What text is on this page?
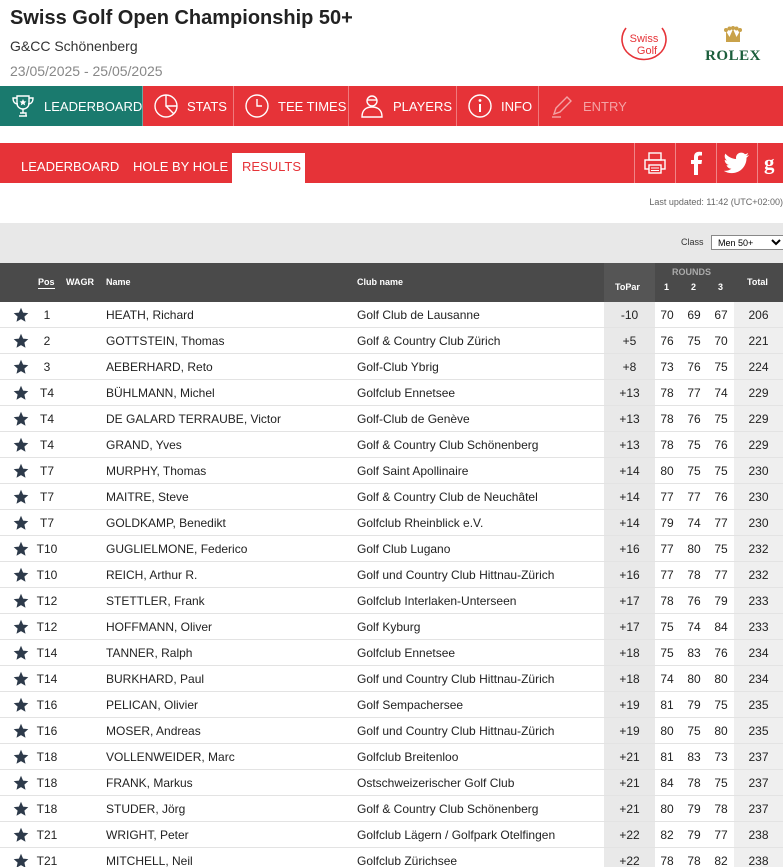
Swiss Golf Open Championship 50+
G&CC Schönenberg
23/05/2025 - 25/05/2025
Swiss
Golf	ROLEX
LEADERBOARD	STATS	TEE TIMES	PLAYERS	INFO	ENTRY
LEADERBOARD	HOLE BY HOLE	RESULTS	g
Last updated: 11:42 (UTC+02:00)
Class
Men 50+
Pos WAGR Name	Club name
ROUNDS
ToPar	1 2 3	Total
1	HEATH, Richard	Golf Club de Lausanne	-10	70	69	67	206
2	GOTTSTEIN, Thomas	Golf & Country Club Zürich	+5	76	75	70	221
3	AEBERHARD, Reto	Golf-Club Ybrig	+8	73	76	75	224
T4	BÜHLMANN, Michel	Golfclub Ennetsee	+13	78	77	74	229
T4	DE GALARD TERRAUBE, Victor	Golf-Club de Genève	+13	78	76	75	229
T4	GRAND, Yves	Golf & Country Club Schönenberg	+13	78	75	76	229
T7	MURPHY, Thomas	Golf Saint Apollinaire	+14	80	75	75	230
T7	MAITRE, Steve	Golf & Country Club de Neuchâtel	+14	77	77	76	230
T7	GOLDKAMP, Benedikt	Golfclub Rheinblick e.V.	+14	79	74	77	230
T10	GUGLIELMONE, Federico	Golf Club Lugano	+16	77	80	75	232
T10	REICH, Arthur R.	Golf und Country Club Hittnau-Zürich	+16	77	78	77	232
T12	STETTLER, Frank	Golfclub Interlaken-Unterseen	+17	78	76	79	233
T12	HOFFMANN, Oliver	Golf Kyburg	+17	75	74	84	233
T14	TANNER, Ralph	Golfclub Ennetsee	+18	75	83	76	234
T14	BURKHARD, Paul	Golf und Country Club Hittnau-Zürich	+18	74	80	80	234
T16	PELICAN, Olivier	Golf Sempachersee	+19	81	79	75	235
T16	MOSER, Andreas	Golf und Country Club Hittnau-Zürich	+19	80	75	80	235
T18	VOLLENWEIDER, Marc	Golfclub Breitenloo	+21	81	83	73	237
T18	FRANK, Markus	Ostschweizerischer Golf Club	+21	84	78	75	237
T18	STUDER, Jörg	Golf & Country Club Schönenberg	+21	80	79	78	237
T21	WRIGHT, Peter	Golfclub Lägern / Golfpark Otelfingen	+22	82	79	77	238
T21	MITCHELL, Neil	Golfclub Zürichsee	+22	78	78	82	238
